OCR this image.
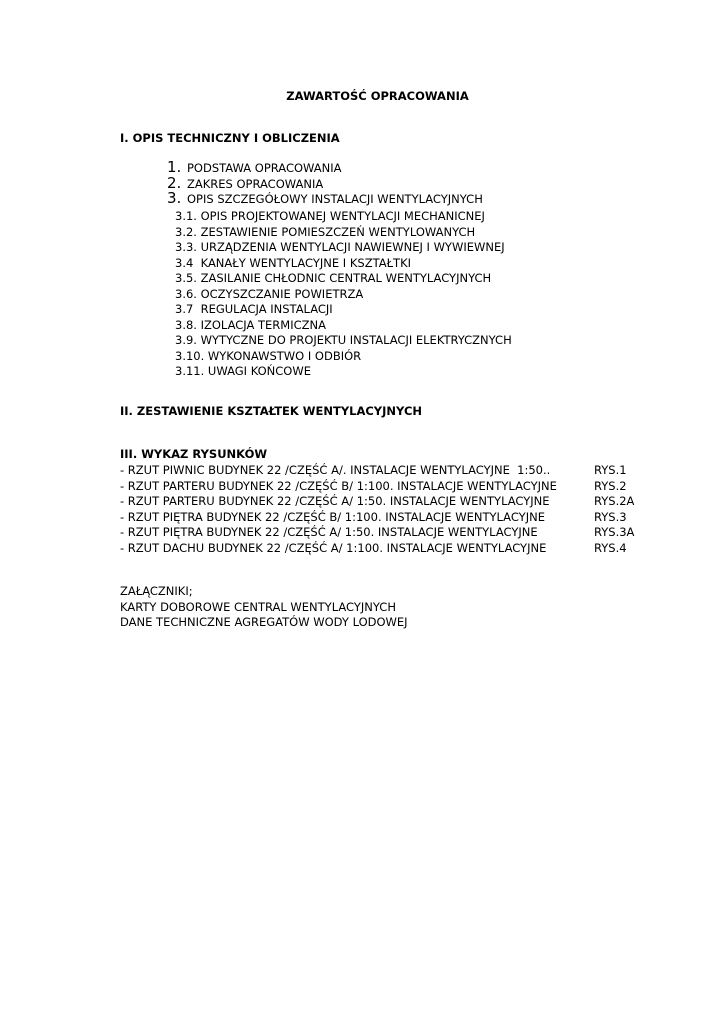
ZAWARTOŚĆ OPRACOWANIA
I. OPIS TECHNICZNY I OBLICZENIA
1. PODSTAWA OPRACOWANIA
2. ZAKRES OPRACOWANIA
3. OPIS SZCZEGÓŁOWY INSTALACJI WENTYLACYJNYCH
3.1. OPIS PROJEKTOWANEJ WENTYLACJI MECHANICNEJ
3.2. ZESTAWIENIE POMIESZCZEŃ WENTYLOWANYCH
3.3. URZĄDZENIA WENTYLACJI NAWIEWNEJ I WYWIEWNEJ
3.4  KANAŁY WENTYLACYJNE I KSZTAŁTKI
3.5. ZASILANIE CHŁODNIC CENTRAL WENTYLACYJNYCH
3.6. OCZYSZCZANIE POWIETRZA
3.7  REGULACJA INSTALACJI
3.8. IZOLACJA TERMICZNA
3.9. WYTYCZNE DO PROJEKTU INSTALACJI ELEKTRYCZNYCH
3.10. WYKONAWSTWO I ODBIÓR
3.11. UWAGI KOŃCOWE
II. ZESTAWIENIE KSZTAŁTEK WENTYLACYJNYCH
III. WYKAZ RYSUNKÓW
- RZUT PIWNIC BUDYNEK 22 /CZĘŚĆ A/. INSTALACJE WENTYLACYJNE  1:50..	RYS.1
- RZUT PARTERU BUDYNEK 22 /CZĘŚĆ B/ 1:100. INSTALACJE WENTYLACYJNE	RYS.2
- RZUT PARTERU BUDYNEK 22 /CZĘŚĆ A/ 1:50. INSTALACJE WENTYLACYJNE	RYS.2A
- RZUT PIĘTRA BUDYNEK 22 /CZĘŚĆ B/ 1:100. INSTALACJE WENTYLACYJNE	RYS.3
- RZUT PIĘTRA BUDYNEK 22 /CZĘŚĆ A/ 1:50. INSTALACJE WENTYLACYJNE	RYS.3A
- RZUT DACHU BUDYNEK 22 /CZĘŚĆ A/ 1:100. INSTALACJE WENTYLACYJNE	RYS.4
ZAŁĄCZNIKI;
KARTY DOBOROWE CENTRAL WENTYLACYJNYCH
DANE TECHNICZNE AGREGATÓW WODY LODOWEJ
